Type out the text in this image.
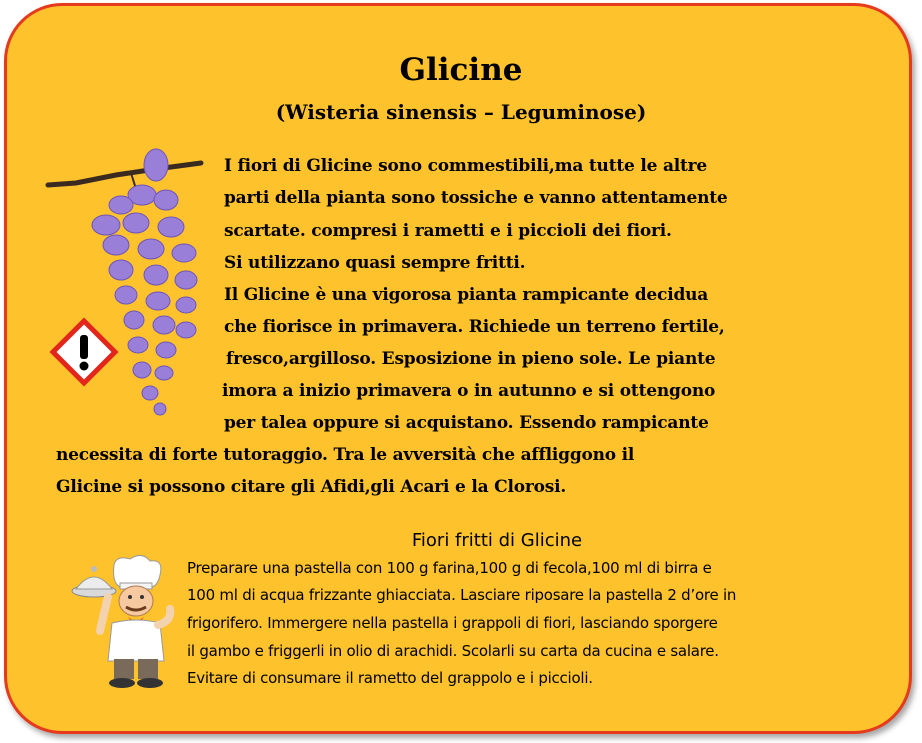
Glicine
(Wisteria sinensis – Leguminose)
I fiori di Glicine sono commestibili,ma tutte le altre
parti della pianta sono tossiche e vanno attentamente
scartate. compresi i rametti e i piccioli dei fiori.
Si utilizzano quasi sempre fritti.
Il Glicine è una vigorosa pianta rampicante decidua
che fiorisce in primavera. Richiede un terreno fertile,
fresco,argilloso. Esposizione in pieno sole. Le piante
imora a inizio primavera o in autunno e si ottengono
per talea oppure si acquistano. Essendo rampicante
necessita di forte tutoraggio. Tra le avversità che affliggono il
Glicine si possono citare gli Afidi,gli Acari e la Clorosi.
Fiori fritti di Glicine
Preparare una pastella con 100 g farina,100 g di fecola,100 ml di birra e
100 ml di acqua frizzante ghiacciata. Lasciare riposare la pastella 2 d’ore in
frigorifero. Immergere nella pastella i grappoli di fiori, lasciando sporgere
il gambo e friggerli in olio di arachidi. Scolarli su carta da cucina e salare.
Evitare di consumare il rametto del grappolo e i piccioli.
